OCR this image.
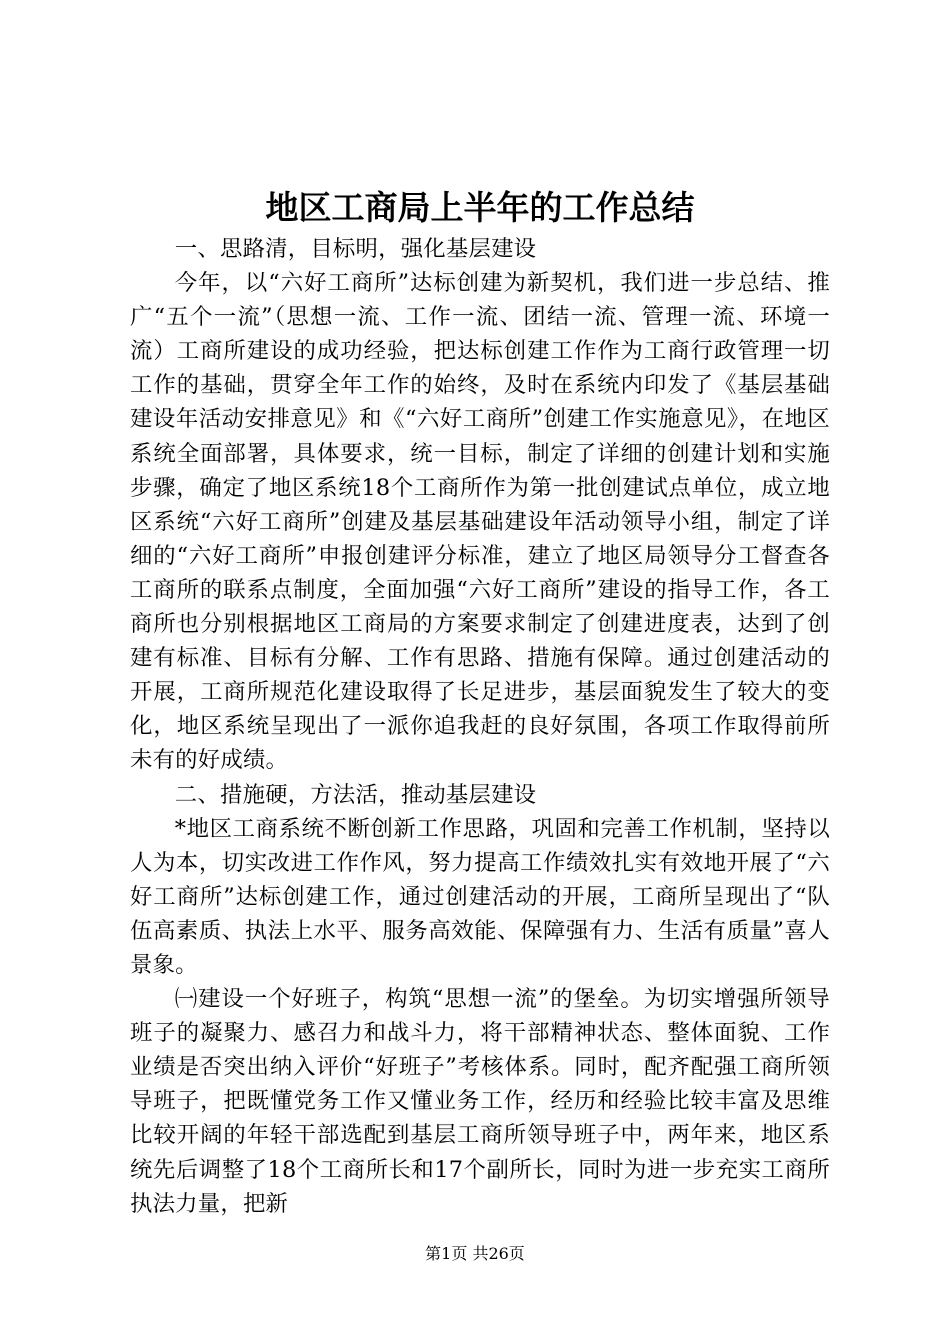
地区工商局上半年的工作总结

一、思路清，目标明，强化基层建设

今年，以“六好工商所”达标创建为新契机，我们进一步总结、推广“五个一流”（思想一流、工作一流、团结一流、管理一流、环境一流）工商所建设的成功经验，把达标创建工作作为工商行政管理一切工作的基础，贯穿全年工作的始终，及时在系统内印发了《基层基础建设年活动安排意见》和《“六好工商所”创建工作实施意见》，在地区系统全面部署，具体要求，统一目标，制定了详细的创建计划和实施步骤，确定了地区系统18个工商所作为第一批创建试点单位，成立地区系统“六好工商所”创建及基层基础建设年活动领导小组，制定了详细的“六好工商所”申报创建评分标准，建立了地区局领导分工督查各工商所的联系点制度，全面加强“六好工商所”建设的指导工作，各工商所也分别根据地区工商局的方案要求制定了创建进度表，达到了创建有标准、目标有分解、工作有思路、措施有保障。通过创建活动的开展，工商所规范化建设取得了长足进步，基层面貌发生了较大的变化，地区系统呈现出了一派你追我赶的良好氛围，各项工作取得前所未有的好成绩。

二、措施硬，方法活，推动基层建设

*地区工商系统不断创新工作思路，巩固和完善工作机制，坚持以人为本，切实改进工作作风，努力提高工作绩效扎实有效地开展了“六好工商所”达标创建工作，通过创建活动的开展，工商所呈现出了“队伍高素质、执法上水平、服务高效能、保障强有力、生活有质量”喜人景象。

㈠建设一个好班子，构筑“思想一流”的堡垒。为切实增强所领导班子的凝聚力、感召力和战斗力，将干部精神状态、整体面貌、工作业绩是否突出纳入评价“好班子”考核体系。同时，配齐配强工商所领导班子，把既懂党务工作又懂业务工作，经历和经验比较丰富及思维比较开阔的年轻干部选配到基层工商所领导班子中，两年来，地区系统先后调整了18个工商所长和17个副所长，同时为进一步充实工商所执法力量，把新

第1页 共26页
